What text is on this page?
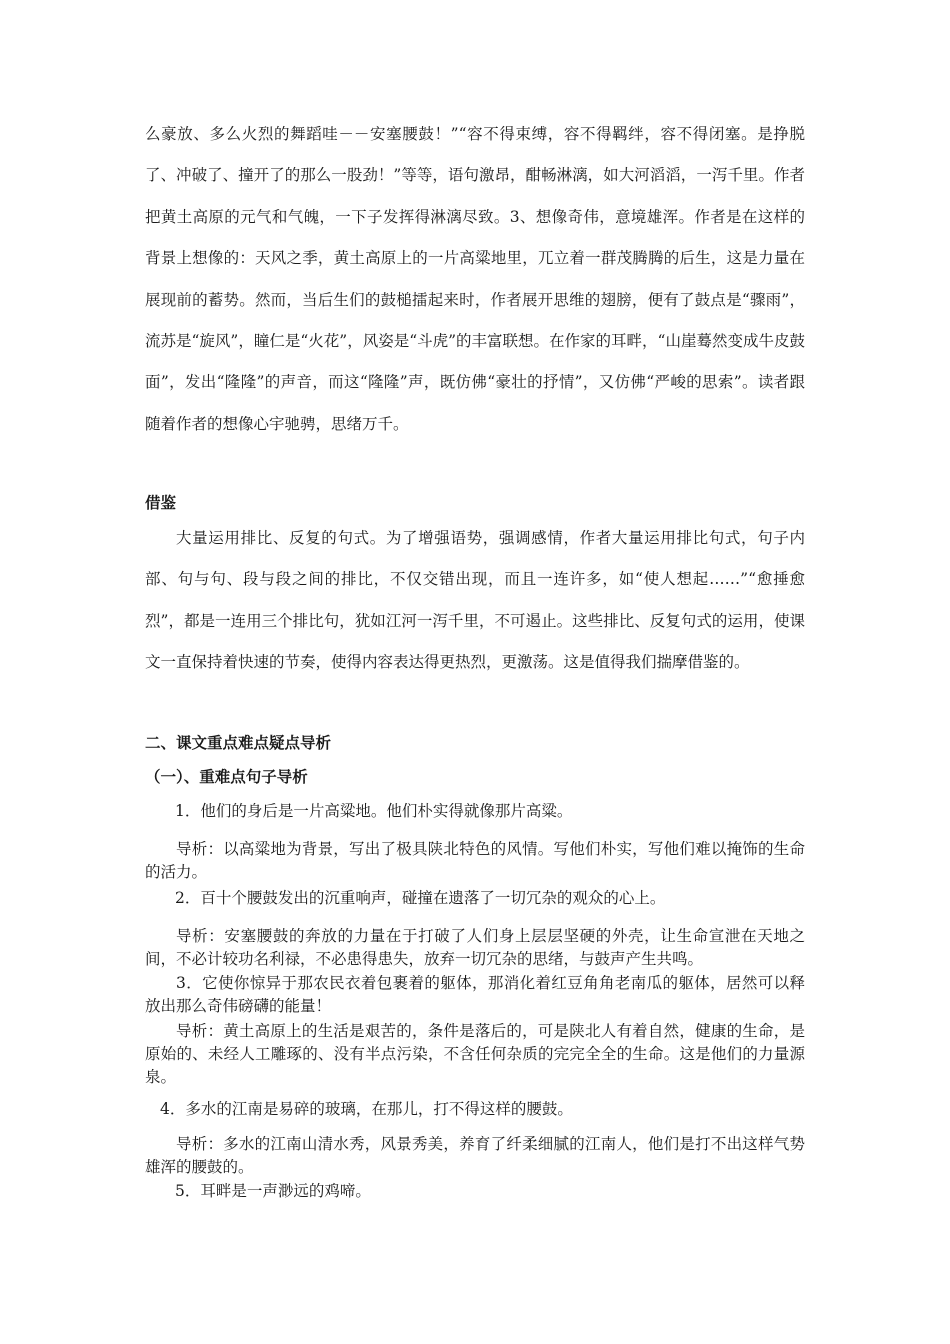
么豪放、多么火烈的舞蹈哇－－安塞腰鼓！”“容不得束缚，容不得羁绊，容不得闭塞。是挣脱了、冲破了、撞开了的那么一股劲！”等等，语句激昂，酣畅淋漓，如大河滔滔，一泻千里。作者把黄土高原的元气和气魄，一下子发挥得淋漓尽致。3、想像奇伟，意境雄浑。作者是在这样的背景上想像的：天风之季，黄土高原上的一片高粱地里，兀立着一群茂腾腾的后生，这是力量在展现前的蓄势。然而，当后生们的鼓槌擂起来时，作者展开思维的翅膀，便有了鼓点是“骤雨”，流苏是“旋风”，瞳仁是“火花”，风姿是“斗虎”的丰富联想。在作家的耳畔，“山崖蓦然变成牛皮鼓面”，发出“隆隆”的声音，而这“隆隆”声，既仿佛“豪壮的抒情”，又仿佛“严峻的思索”。读者跟随着作者的想像心宇驰骋，思绪万千。

借鉴

大量运用排比、反复的句式。为了增强语势，强调感情，作者大量运用排比句式，句子内部、句与句、段与段之间的排比，不仅交错出现，而且一连许多，如“使人想起……”“愈捶愈烈”，都是一连用三个排比句，犹如江河一泻千里，不可遏止。这些排比、反复句式的运用，使课文一直保持着快速的节奏，使得内容表达得更热烈，更激荡。这是值得我们揣摩借鉴的。

二、课文重点难点疑点导析

（一）、重难点句子导析

1．他们的身后是一片高粱地。他们朴实得就像那片高粱。

导析：以高粱地为背景，写出了极具陕北特色的风情。写他们朴实，写他们难以掩饰的生命的活力。

2．百十个腰鼓发出的沉重响声，碰撞在遗落了一切冗杂的观众的心上。

导析：安塞腰鼓的奔放的力量在于打破了人们身上层层坚硬的外壳，让生命宣泄在天地之间，不必计较功名利禄，不必患得患失，放弃一切冗杂的思绪，与鼓声产生共鸣。

3．它使你惊异于那农民衣着包裹着的躯体，那消化着红豆角角老南瓜的躯体，居然可以释放出那么奇伟磅礴的能量！

导析：黄土高原上的生活是艰苦的，条件是落后的，可是陕北人有着自然，健康的生命，是原始的、未经人工雕琢的、没有半点污染，不含任何杂质的完完全全的生命。这是他们的力量源泉。

4．多水的江南是易碎的玻璃，在那儿，打不得这样的腰鼓。

导析：多水的江南山清水秀，风景秀美，养育了纤柔细腻的江南人，他们是打不出这样气势雄浑的腰鼓的。

5．耳畔是一声渺远的鸡啼。
